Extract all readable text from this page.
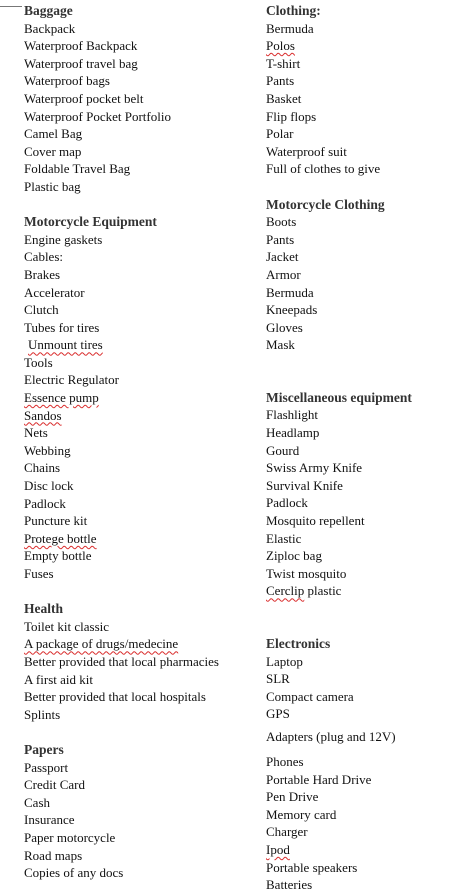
Baggage
Backpack
Waterproof Backpack
Waterproof travel bag
Waterproof bags
Waterproof pocket belt
Waterproof Pocket Portfolio
Camel Bag
Cover map
Foldable Travel Bag
Plastic bag
Motorcycle Equipment
Engine gaskets
Cables:
Brakes
Accelerator
Clutch
Tubes for tires
Unmount tires
Tools
Electric Regulator
Essence pump
Sandos
Nets
Webbing
Chains
Disc lock
Padlock
Puncture kit
Protege bottle
Empty bottle
Fuses
Health
Toilet kit classic
A package of drugs/medecine
Better provided that local pharmacies
A first aid kit
Better provided that local hospitals
Splints
Papers
Passport
Credit Card
Cash
Insurance
Paper motorcycle
Road maps
Copies of any docs
Clothing:
Bermuda
Polos
T-shirt
Pants
Basket
Flip flops
Polar
Waterproof suit
Full of clothes to give
Motorcycle Clothing
Boots
Pants
Jacket
Armor
Bermuda
Kneepads
Gloves
Mask
Miscellaneous equipment
Flashlight
Headlamp
Gourd
Swiss Army Knife
Survival Knife
Padlock
Mosquito repellent
Elastic
Ziploc bag
Twist mosquito
Cerclip plastic
Electronics
Laptop
SLR
Compact camera
GPS
Adapters (plug and 12V)
Phones
Portable Hard Drive
Pen Drive
Memory card
Charger
Ipod
Portable speakers
Batteries
